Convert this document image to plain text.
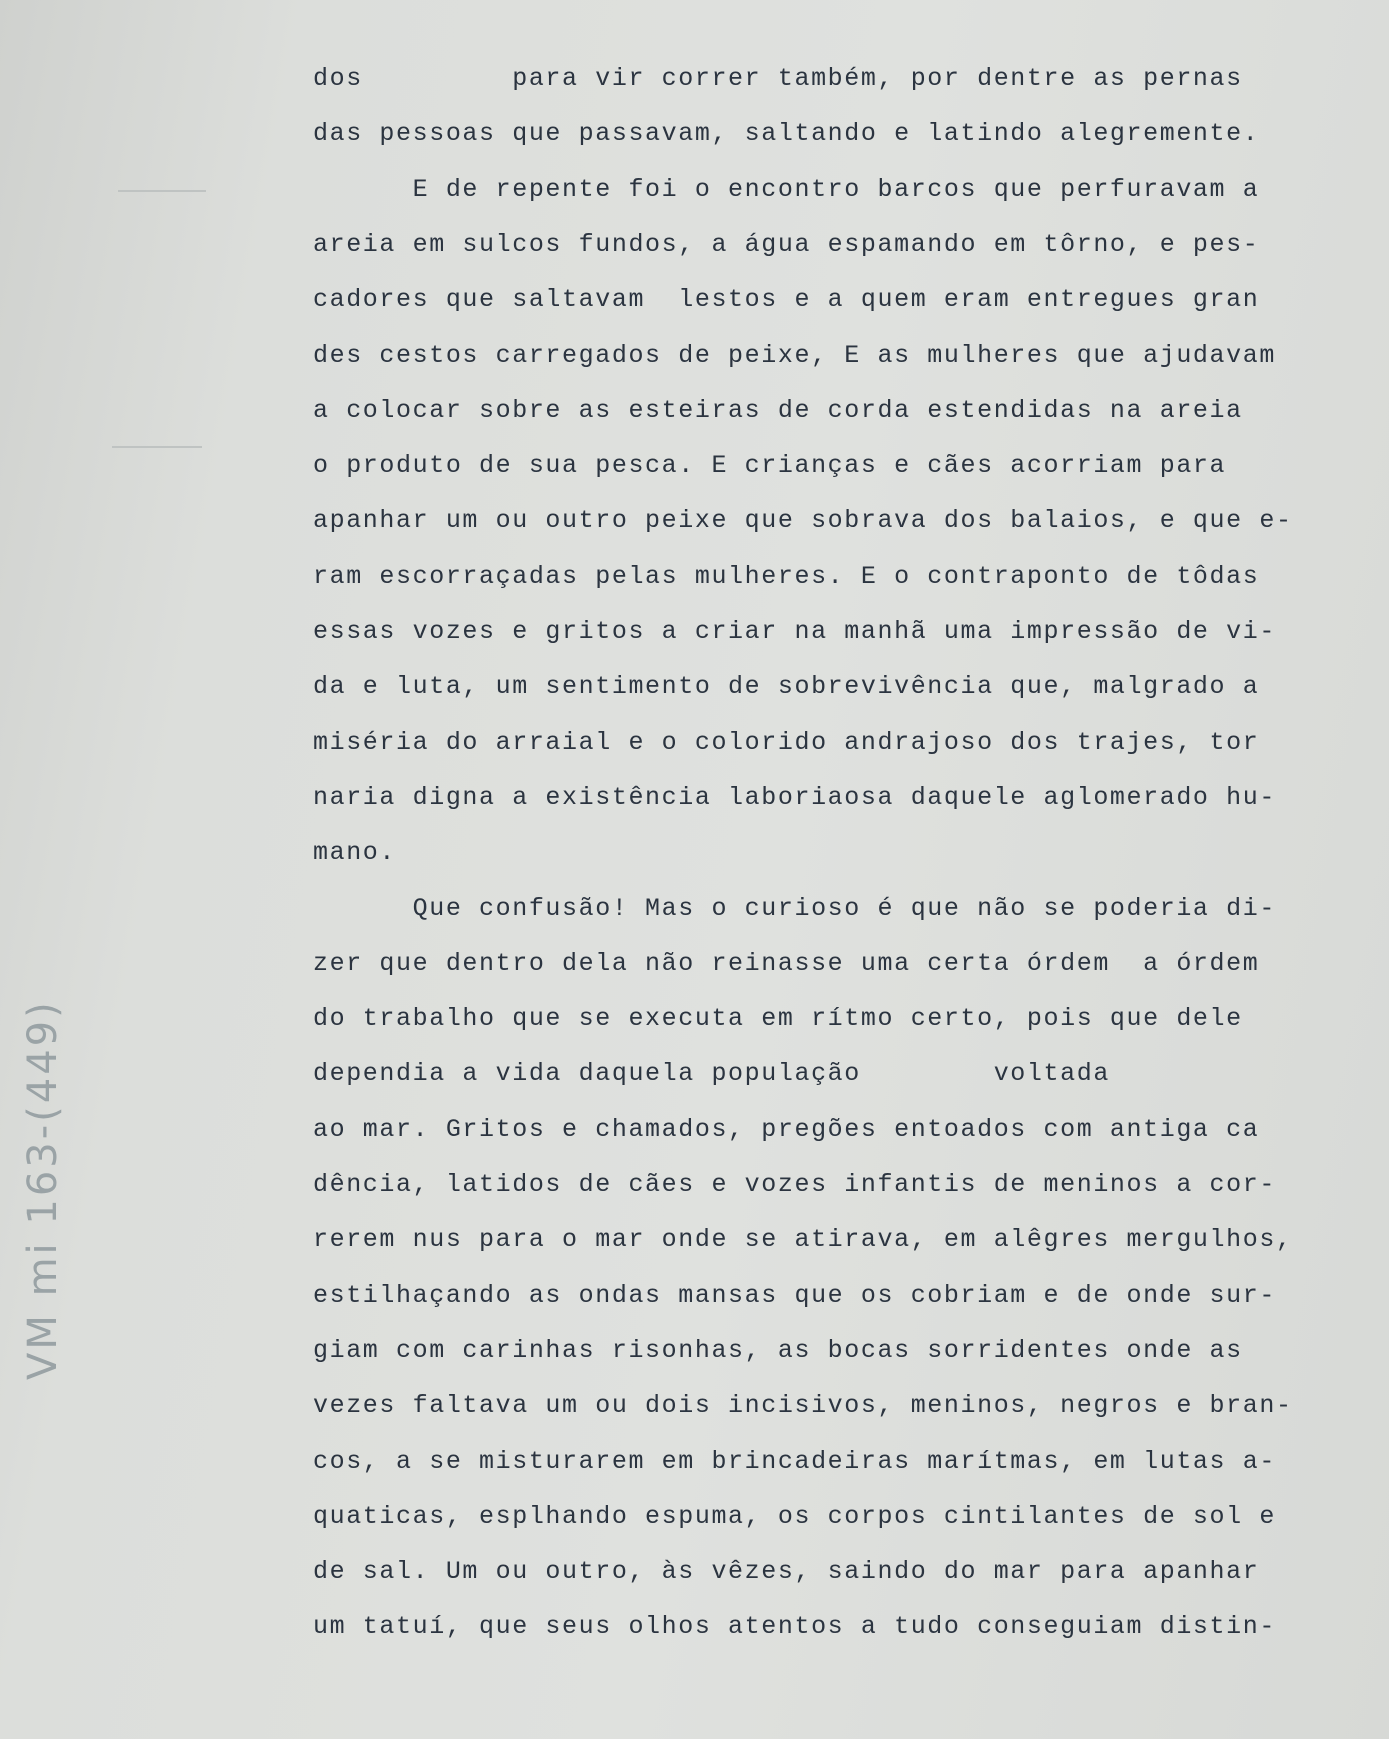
VM mi 163-(449)
dos         para vir correr também, por dentre as pernas
das pessoas que passavam, saltando e latindo alegremente.
E de repente foi o encontro barcos que perfuravam a
areia em sulcos fundos, a água espamando em tôrno, e pes-
cadores que saltavam  lestos e a quem eram entregues gran
des cestos carregados de peixe, E as mulheres que ajudavam
a colocar sobre as esteiras de corda estendidas na areia
o produto de sua pesca. E crianças e cães acorriam para
apanhar um ou outro peixe que sobrava dos balaios, e que e-
ram escorraçadas pelas mulheres. E o contraponto de tôdas
essas vozes e gritos a criar na manhã uma impressão de vi-
da e luta, um sentimento de sobrevivência que, malgrado a
miséria do arraial e o colorido andrajoso dos trajes, tor
naria digna a existência laboriaosa daquele aglomerado hu-
mano.
Que confusão! Mas o curioso é que não se poderia di-
zer que dentro dela não reinasse uma certa órdem  a órdem
do trabalho que se executa em rítmo certo, pois que dele
dependia a vida daquela população        voltada
ao mar. Gritos e chamados, pregões entoados com antiga ca
dência, latidos de cães e vozes infantis de meninos a cor-
rerem nus para o mar onde se atirava, em alêgres mergulhos,
estilhaçando as ondas mansas que os cobriam e de onde sur-
giam com carinhas risonhas, as bocas sorridentes onde as
vezes faltava um ou dois incisivos, meninos, negros e bran-
cos, a se misturarem em brincadeiras marítmas, em lutas a-
quaticas, esplhando espuma, os corpos cintilantes de sol e
de sal. Um ou outro, às vêzes, saindo do mar para apanhar
um tatuí, que seus olhos atentos a tudo conseguiam distin-
